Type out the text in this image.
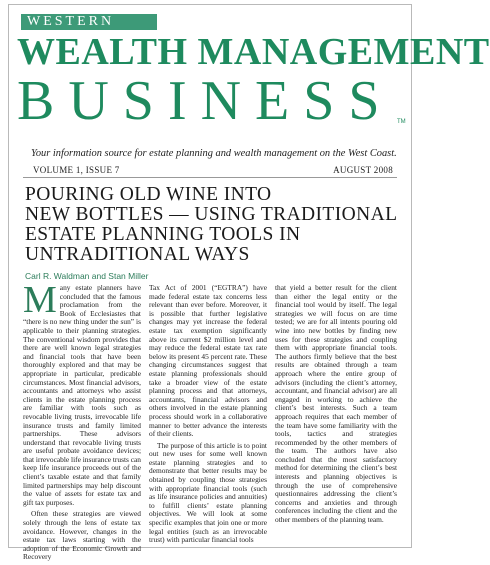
WESTERN
WEALTH MANAGEMENT
BUSINESS TM
Your information source for estate planning and wealth management on the West Coast.
VOLUME 1, ISSUE 7	AUGUST 2008
POURING OLD WINE INTO
NEW BOTTLES — USING TRADITIONAL
ESTATE PLANNING TOOLS IN
UNTRADITIONAL WAYS
Carl R. Waldman and Stan Miller

Many estate planners have concluded that the famous proclamation from the Book of Ecclesiastes that “there is no new thing under the sun” is applicable to their planning strategies. The conventional wisdom provides that there are well known legal strategies and financial tools that have been thoroughly explored and that may be appropriate in particular, predicable circumstances. Most financial advisors, accountants and attorneys who assist clients in the estate planning process are familiar with tools such as revocable living trusts, irrevocable life insurance trusts and family limited partnerships. These advisors understand that revocable living trusts are useful probate avoidance devices; that irrevocable life insurance trusts can keep life insurance proceeds out of the client’s taxable estate and that family limited partnerships may help discount the value of assets for estate tax and gift tax purposes.

Often these strategies are viewed solely through the lens of estate tax avoidance. However, changes in the estate tax laws starting with the adoption of the Economic Growth and Recovery

Tax Act of 2001 (“EGTRA”) have made federal estate tax concerns less relevant than ever before. Moreover, it is possible that further legislative changes may yet increase the federal estate tax exemption significantly above its current $2 million level and may reduce the federal estate tax rate below its present 45 percent rate. These changing circumstances suggest that estate planning professionals should take a broader view of the estate planning process and that attorneys, accountants, financial advisors and others involved in the estate planning process should work in a collaborative manner to better advance the interests of their clients.

The purpose of this article is to point out new uses for some well known estate planning strategies and to demonstrate that better results may be obtained by coupling those strategies with appropriate financial tools (such as life insurance policies and annuities) to fulfill clients’ estate planning objectives. We will look at some specific examples that join one or more legal entities (such as an irrevocable trust) with particular financial tools

that yield a better result for the client than either the legal entity or the financial tool would by itself. The legal strategies we will focus on are time tested; we are for all intents pouring old wine into new bottles by finding new uses for these strategies and coupling them with appropriate financial tools. The authors firmly believe that the best results are obtained through a team approach where the entire group of advisors (including the client’s attorney, accountant, and financial advisor) are all engaged in working to achieve the client’s best interests. Such a team approach requires that each member of the team have some familiarity with the tools, tactics and strategies recommended by the other members of the team. The authors have also concluded that the most satisfactory method for determining the client’s best interests and planning objectives is through the use of comprehensive questionnaires addressing the client’s concerns and anxieties and through conferences including the client and the other members of the planning team.
